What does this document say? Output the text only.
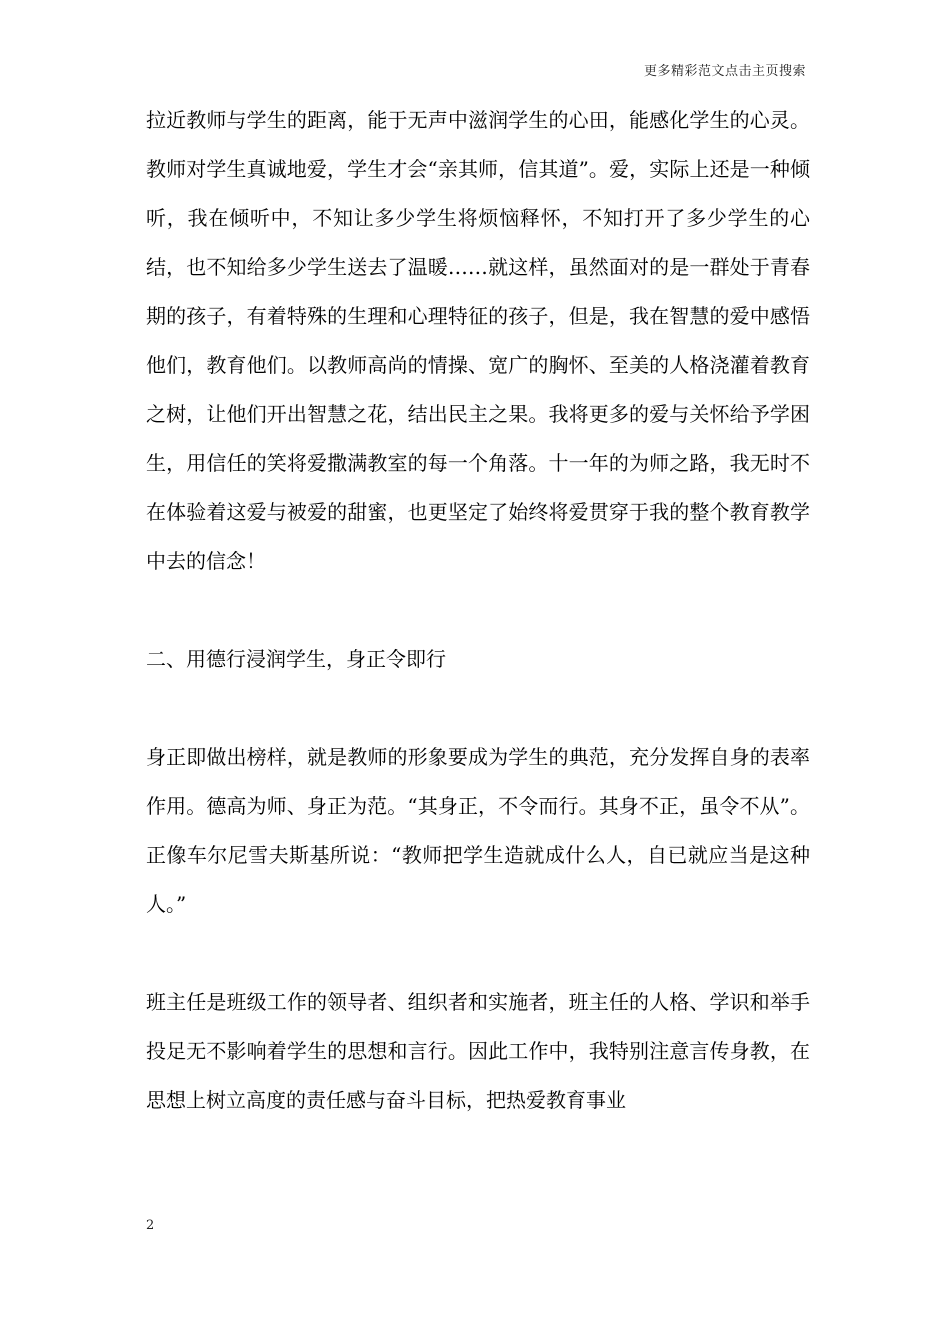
更多精彩范文点击主页搜索

拉近教师与学生的距离，能于无声中滋润学生的心田，能感化学生的心灵。教师对学生真诚地爱，学生才会“亲其师，信其道”。爱，实际上还是一种倾听，我在倾听中，不知让多少学生将烦恼释怀，不知打开了多少学生的心结，也不知给多少学生送去了温暖……就这样，虽然面对的是一群处于青春期的孩子，有着特殊的生理和心理特征的孩子，但是，我在智慧的爱中感悟他们，教育他们。以教师高尚的情操、宽广的胸怀、至美的人格浇灌着教育之树，让他们开出智慧之花，结出民主之果。我将更多的爱与关怀给予学困生，用信任的笑将爱撒满教室的每一个角落。十一年的为师之路，我无时不在体验着这爱与被爱的甜蜜，也更坚定了始终将爱贯穿于我的整个教育教学中去的信念！

二、用德行浸润学生，身正令即行

身正即做出榜样，就是教师的形象要成为学生的典范，充分发挥自身的表率作用。德高为师、身正为范。“其身正，不令而行。其身不正，虽令不从”。正像车尔尼雪夫斯基所说：“教师把学生造就成什么人，自已就应当是这种人。”

班主任是班级工作的领导者、组织者和实施者，班主任的人格、学识和举手投足无不影响着学生的思想和言行。因此工作中，我特别注意言传身教，在思想上树立高度的责任感与奋斗目标，把热爱教育事业

2
